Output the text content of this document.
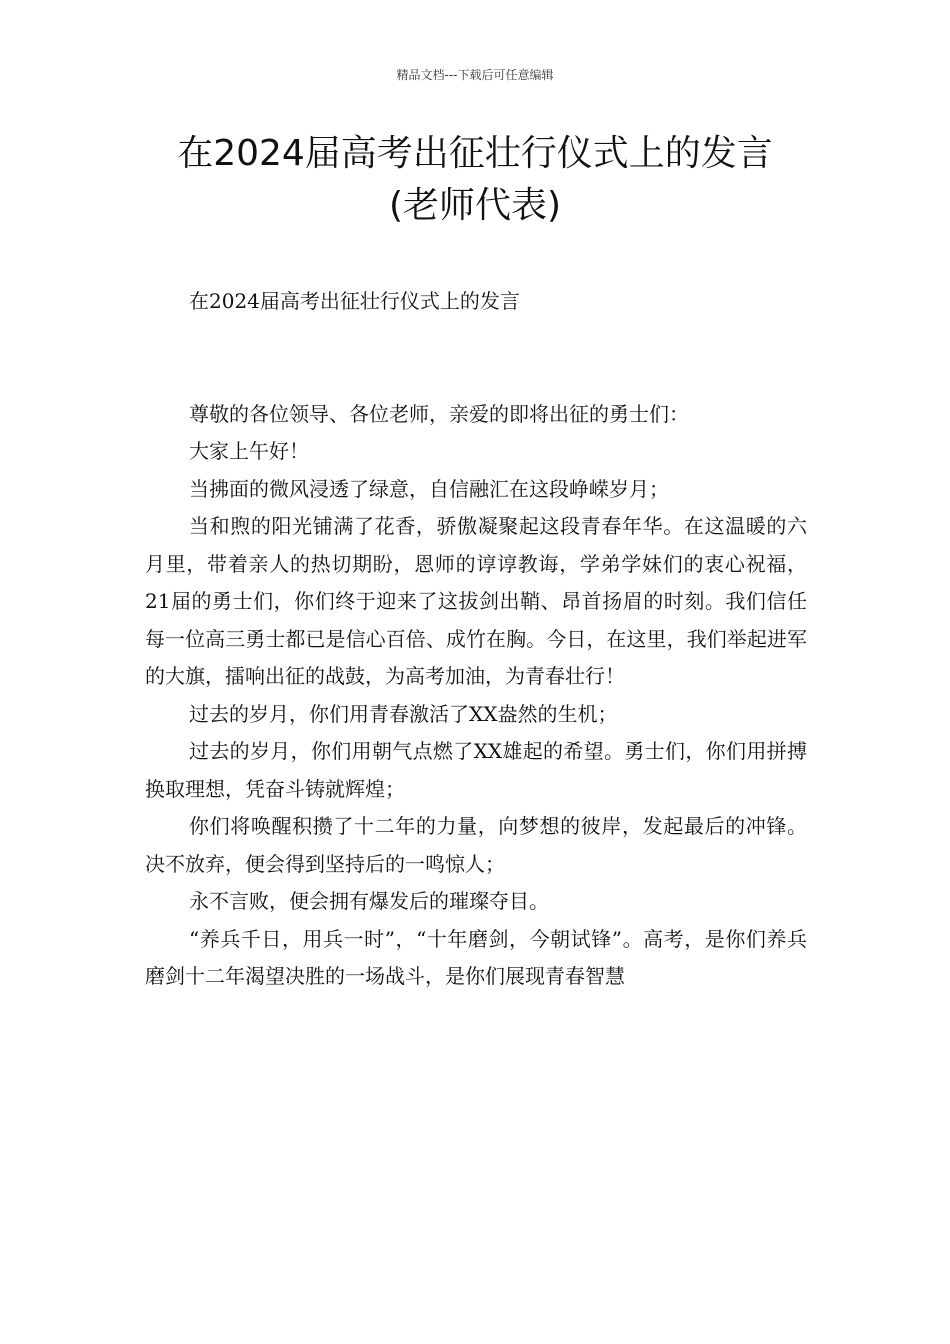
精品文档---下载后可任意编辑
在2024届高考出征壮行仪式上的发言
(老师代表)

在2024届高考出征壮行仪式上的发言

尊敬的各位领导、各位老师，亲爱的即将出征的勇士们：

大家上午好！

当拂面的微风浸透了绿意，自信融汇在这段峥嵘岁月；

当和煦的阳光铺满了花香，骄傲凝聚起这段青春年华。在这温暖的六月里，带着亲人的热切期盼，恩师的谆谆教诲，学弟学妹们的衷心祝福，21届的勇士们，你们终于迎来了这拔剑出鞘、昂首扬眉的时刻。我们信任每一位高三勇士都已是信心百倍、成竹在胸。今日，在这里，我们举起进军的大旗，擂响出征的战鼓，为高考加油，为青春壮行！

过去的岁月，你们用青春激活了XX盎然的生机；

过去的岁月，你们用朝气点燃了XX雄起的希望。勇士们，你们用拼搏换取理想，凭奋斗铸就辉煌；

你们将唤醒积攒了十二年的力量，向梦想的彼岸，发起最后的冲锋。决不放弃，便会得到坚持后的一鸣惊人；

永不言败，便会拥有爆发后的璀璨夺目。

“养兵千日，用兵一时”，“十年磨剑，今朝试锋”。高考，是你们养兵磨剑十二年渴望决胜的一场战斗，是你们展现青春智慧
